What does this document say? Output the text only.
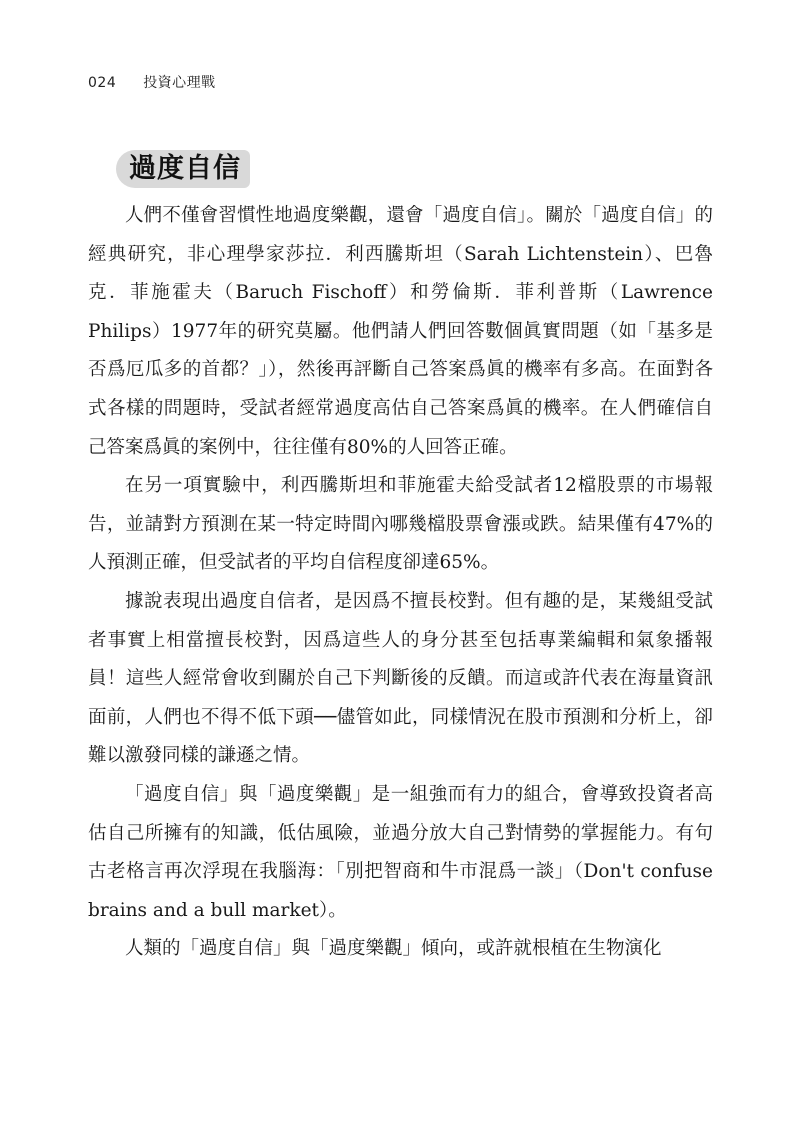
024 投資心理戰
過度自信

人們不僅會習慣性地過度樂觀，還會「過度自信」。關於「過度自信」的經典研究，非心理學家莎拉．利西騰斯坦（Sarah Lichtenstein）、巴魯克．菲施霍夫（Baruch Fischoff）和勞倫斯．菲利普斯（Lawrence Philips）1977年的研究莫屬。他們請人們回答數個眞實問題（如「基多是否爲厄瓜多的首都？」），然後再評斷自己答案爲眞的機率有多高。在面對各式各樣的問題時，受試者經常過度高估自己答案爲眞的機率。在人們確信自己答案爲眞的案例中，往往僅有80%的人回答正確。

在另一項實驗中，利西騰斯坦和菲施霍夫給受試者12檔股票的市場報告，並請對方預測在某一特定時間內哪幾檔股票會漲或跌。結果僅有47%的人預測正確，但受試者的平均自信程度卻達65%。

據說表現出過度自信者，是因爲不擅長校對。但有趣的是，某幾組受試者事實上相當擅長校對，因爲這些人的身分甚至包括專業編輯和氣象播報員！這些人經常會收到關於自己下判斷後的反饋。而這或許代表在海量資訊面前，人們也不得不低下頭──儘管如此，同樣情況在股市預測和分析上，卻難以激發同樣的謙遜之情。

「過度自信」與「過度樂觀」是一組強而有力的組合，會導致投資者高估自己所擁有的知識，低估風險，並過分放大自己對情勢的掌握能力。有句古老格言再次浮現在我腦海：「別把智商和牛市混爲一談」（Don't confuse brains and a bull market）。

人類的「過度自信」與「過度樂觀」傾向，或許就根植在生物演化
